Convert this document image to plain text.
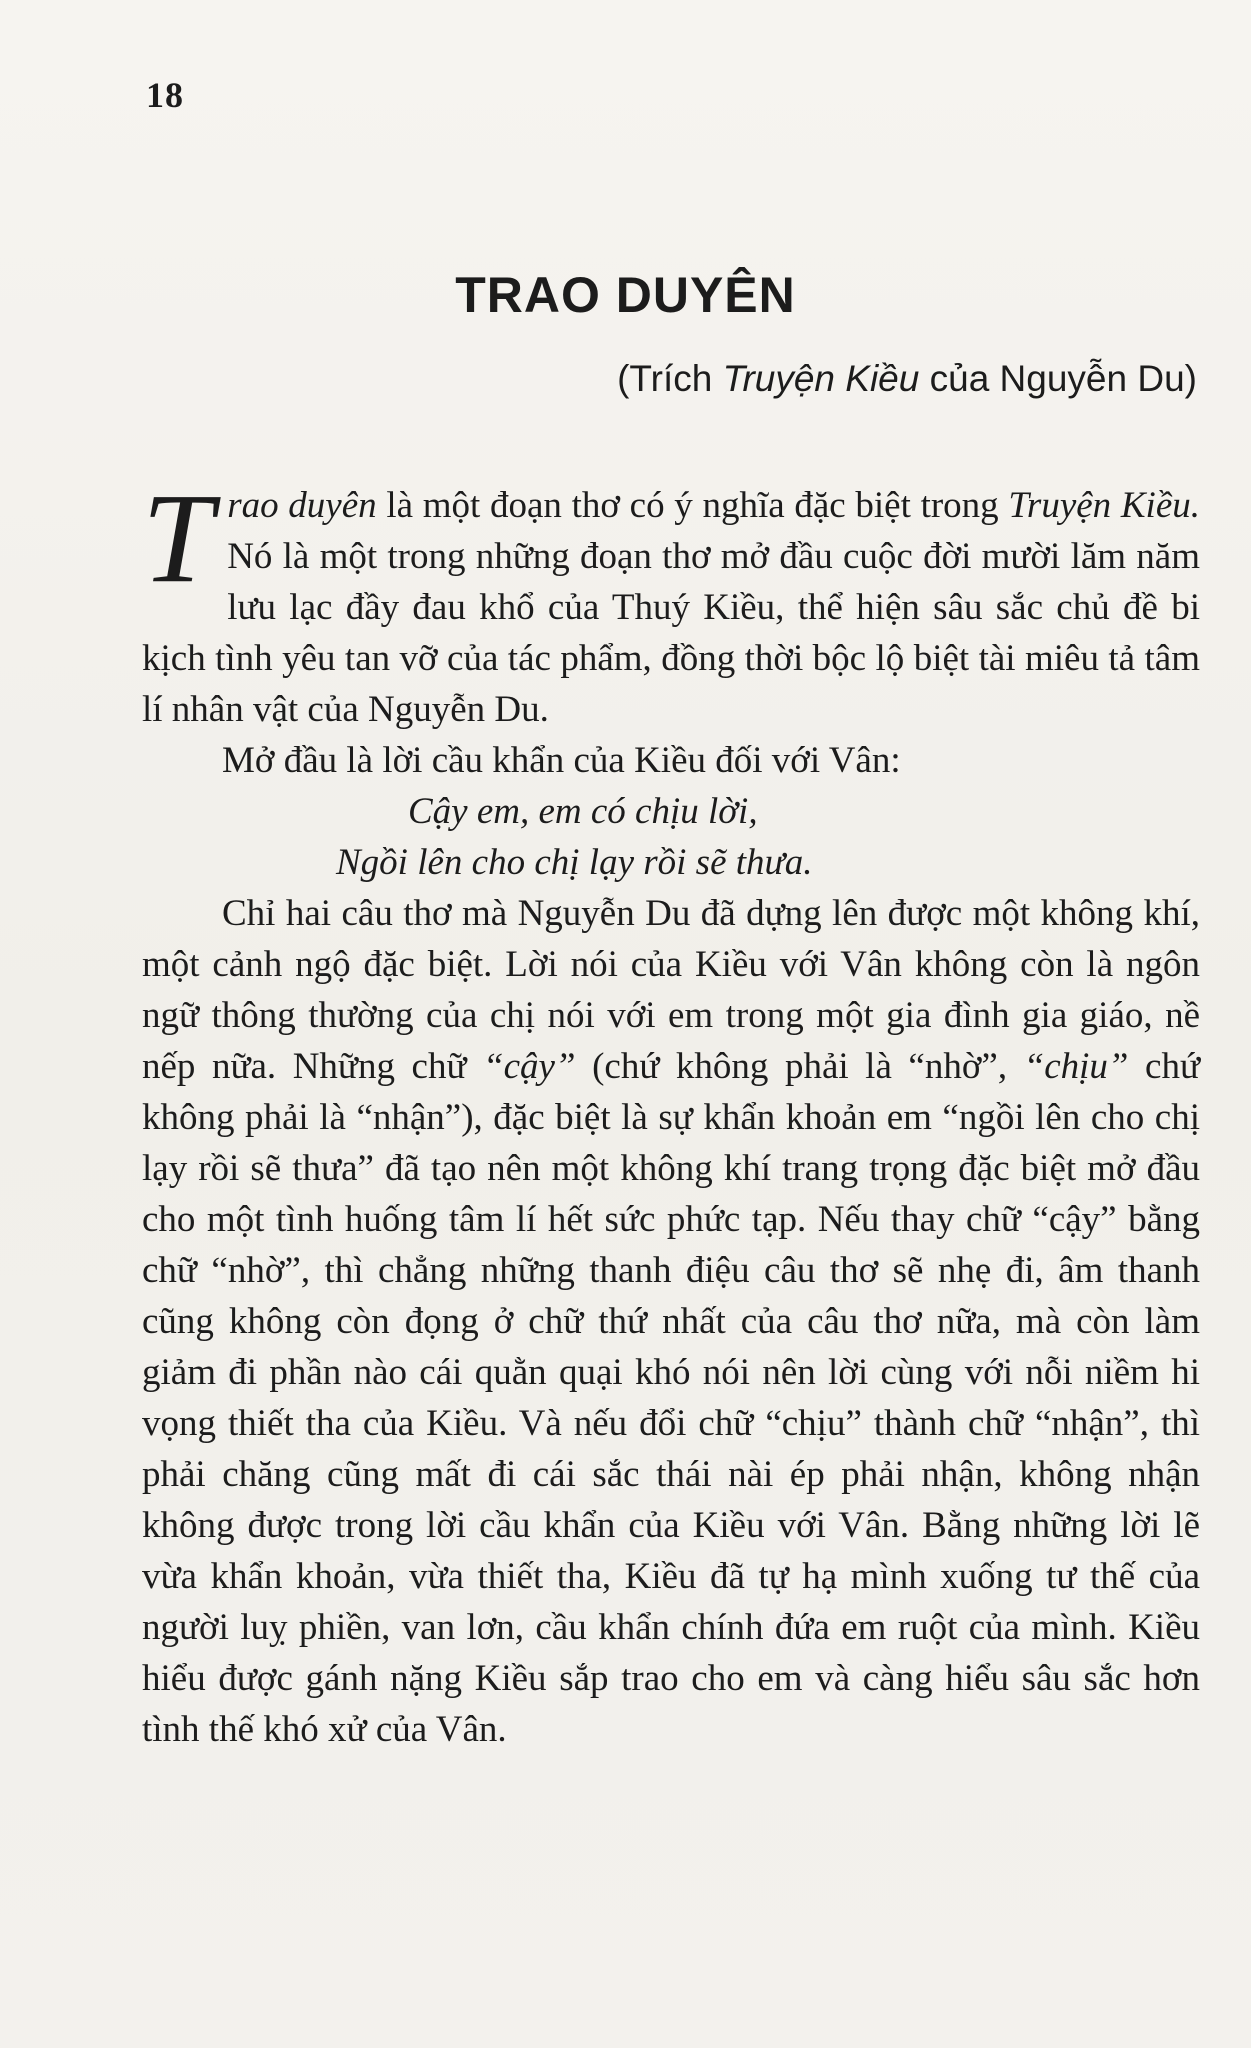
18
TRAO DUYÊN
(Trích Truyện Kiều của Nguyễn Du)

Trao duyên là một đoạn thơ có ý nghĩa đặc biệt trong Truyện Kiều. Nó là một trong những đoạn thơ mở đầu cuộc đời mười lăm năm lưu lạc đầy đau khổ của Thuý Kiều, thể hiện sâu sắc chủ đề bi kịch tình yêu tan vỡ của tác phẩm, đồng thời bộc lộ biệt tài miêu tả tâm lí nhân vật của Nguyễn Du.

Mở đầu là lời cầu khẩn của Kiều đối với Vân:

Cậy em, em có chịu lời,

Ngồi lên cho chị lạy rồi sẽ thưa.

Chỉ hai câu thơ mà Nguyễn Du đã dựng lên được một không khí, một cảnh ngộ đặc biệt. Lời nói của Kiều với Vân không còn là ngôn ngữ thông thường của chị nói với em trong một gia đình gia giáo, nề nếp nữa. Những chữ “cậy” (chứ không phải là “nhờ”, “chịu” chứ không phải là “nhận”), đặc biệt là sự khẩn khoản em “ngồi lên cho chị lạy rồi sẽ thưa” đã tạo nên một không khí trang trọng đặc biệt mở đầu cho một tình huống tâm lí hết sức phức tạp. Nếu thay chữ “cậy” bằng chữ “nhờ”, thì chẳng những thanh điệu câu thơ sẽ nhẹ đi, âm thanh cũng không còn đọng ở chữ thứ nhất của câu thơ nữa, mà còn làm giảm đi phần nào cái quằn quại khó nói nên lời cùng với nỗi niềm hi vọng thiết tha của Kiều. Và nếu đổi chữ “chịu” thành chữ “nhận”, thì phải chăng cũng mất đi cái sắc thái nài ép phải nhận, không nhận không được trong lời cầu khẩn của Kiều với Vân. Bằng những lời lẽ vừa khẩn khoản, vừa thiết tha, Kiều đã tự hạ mình xuống tư thế của người luỵ phiền, van lơn, cầu khẩn chính đứa em ruột của mình. Kiều hiểu được gánh nặng Kiều sắp trao cho em và càng hiểu sâu sắc hơn tình thế khó xử của Vân.
